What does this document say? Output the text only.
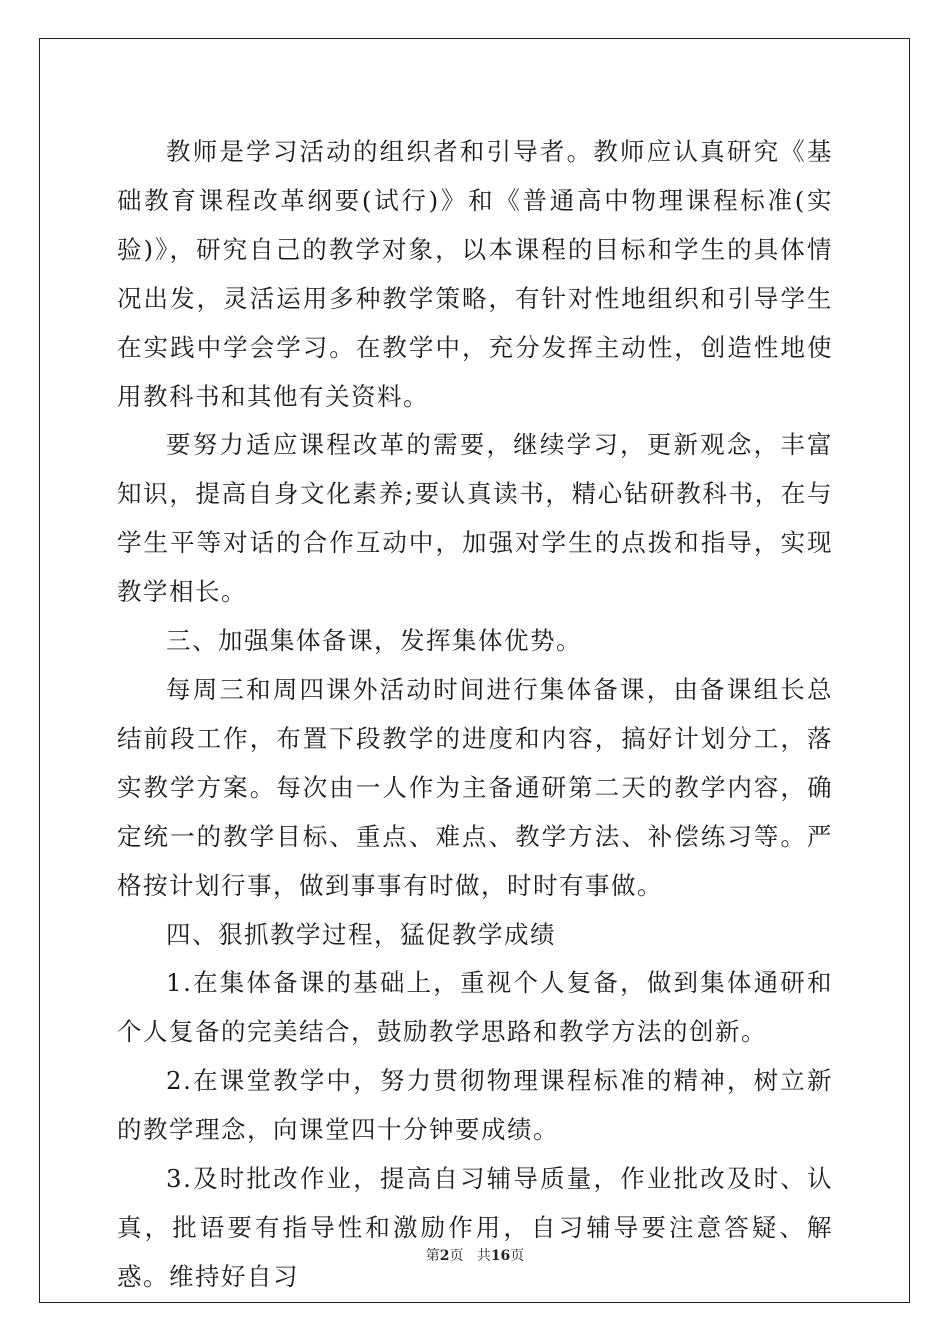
教师是学习活动的组织者和引导者。教师应认真研究《基础教育课程改革纲要(试行)》和《普通高中物理课程标准(实验)》，研究自己的教学对象，以本课程的目标和学生的具体情况出发，灵活运用多种教学策略，有针对性地组织和引导学生在实践中学会学习。在教学中，充分发挥主动性，创造性地使用教科书和其他有关资料。

要努力适应课程改革的需要，继续学习，更新观念，丰富知识，提高自身文化素养;要认真读书，精心钻研教科书，在与学生平等对话的合作互动中，加强对学生的点拨和指导，实现教学相长。

三、加强集体备课，发挥集体优势。

每周三和周四课外活动时间进行集体备课，由备课组长总结前段工作，布置下段教学的进度和内容，搞好计划分工，落实教学方案。每次由一人作为主备通研第二天的教学内容，确定统一的教学目标、重点、难点、教学方法、补偿练习等。严格按计划行事，做到事事有时做，时时有事做。

四、狠抓教学过程，猛促教学成绩

1.在集体备课的基础上，重视个人复备，做到集体通研和个人复备的完美结合，鼓励教学思路和教学方法的创新。

2.在课堂教学中，努力贯彻物理课程标准的精神，树立新的教学理念，向课堂四十分钟要成绩。

3.及时批改作业，提高自习辅导质量，作业批改及时、认真，批语要有指导性和激励作用，自习辅导要注意答疑、解惑。维持好自习

第2页 共16页
